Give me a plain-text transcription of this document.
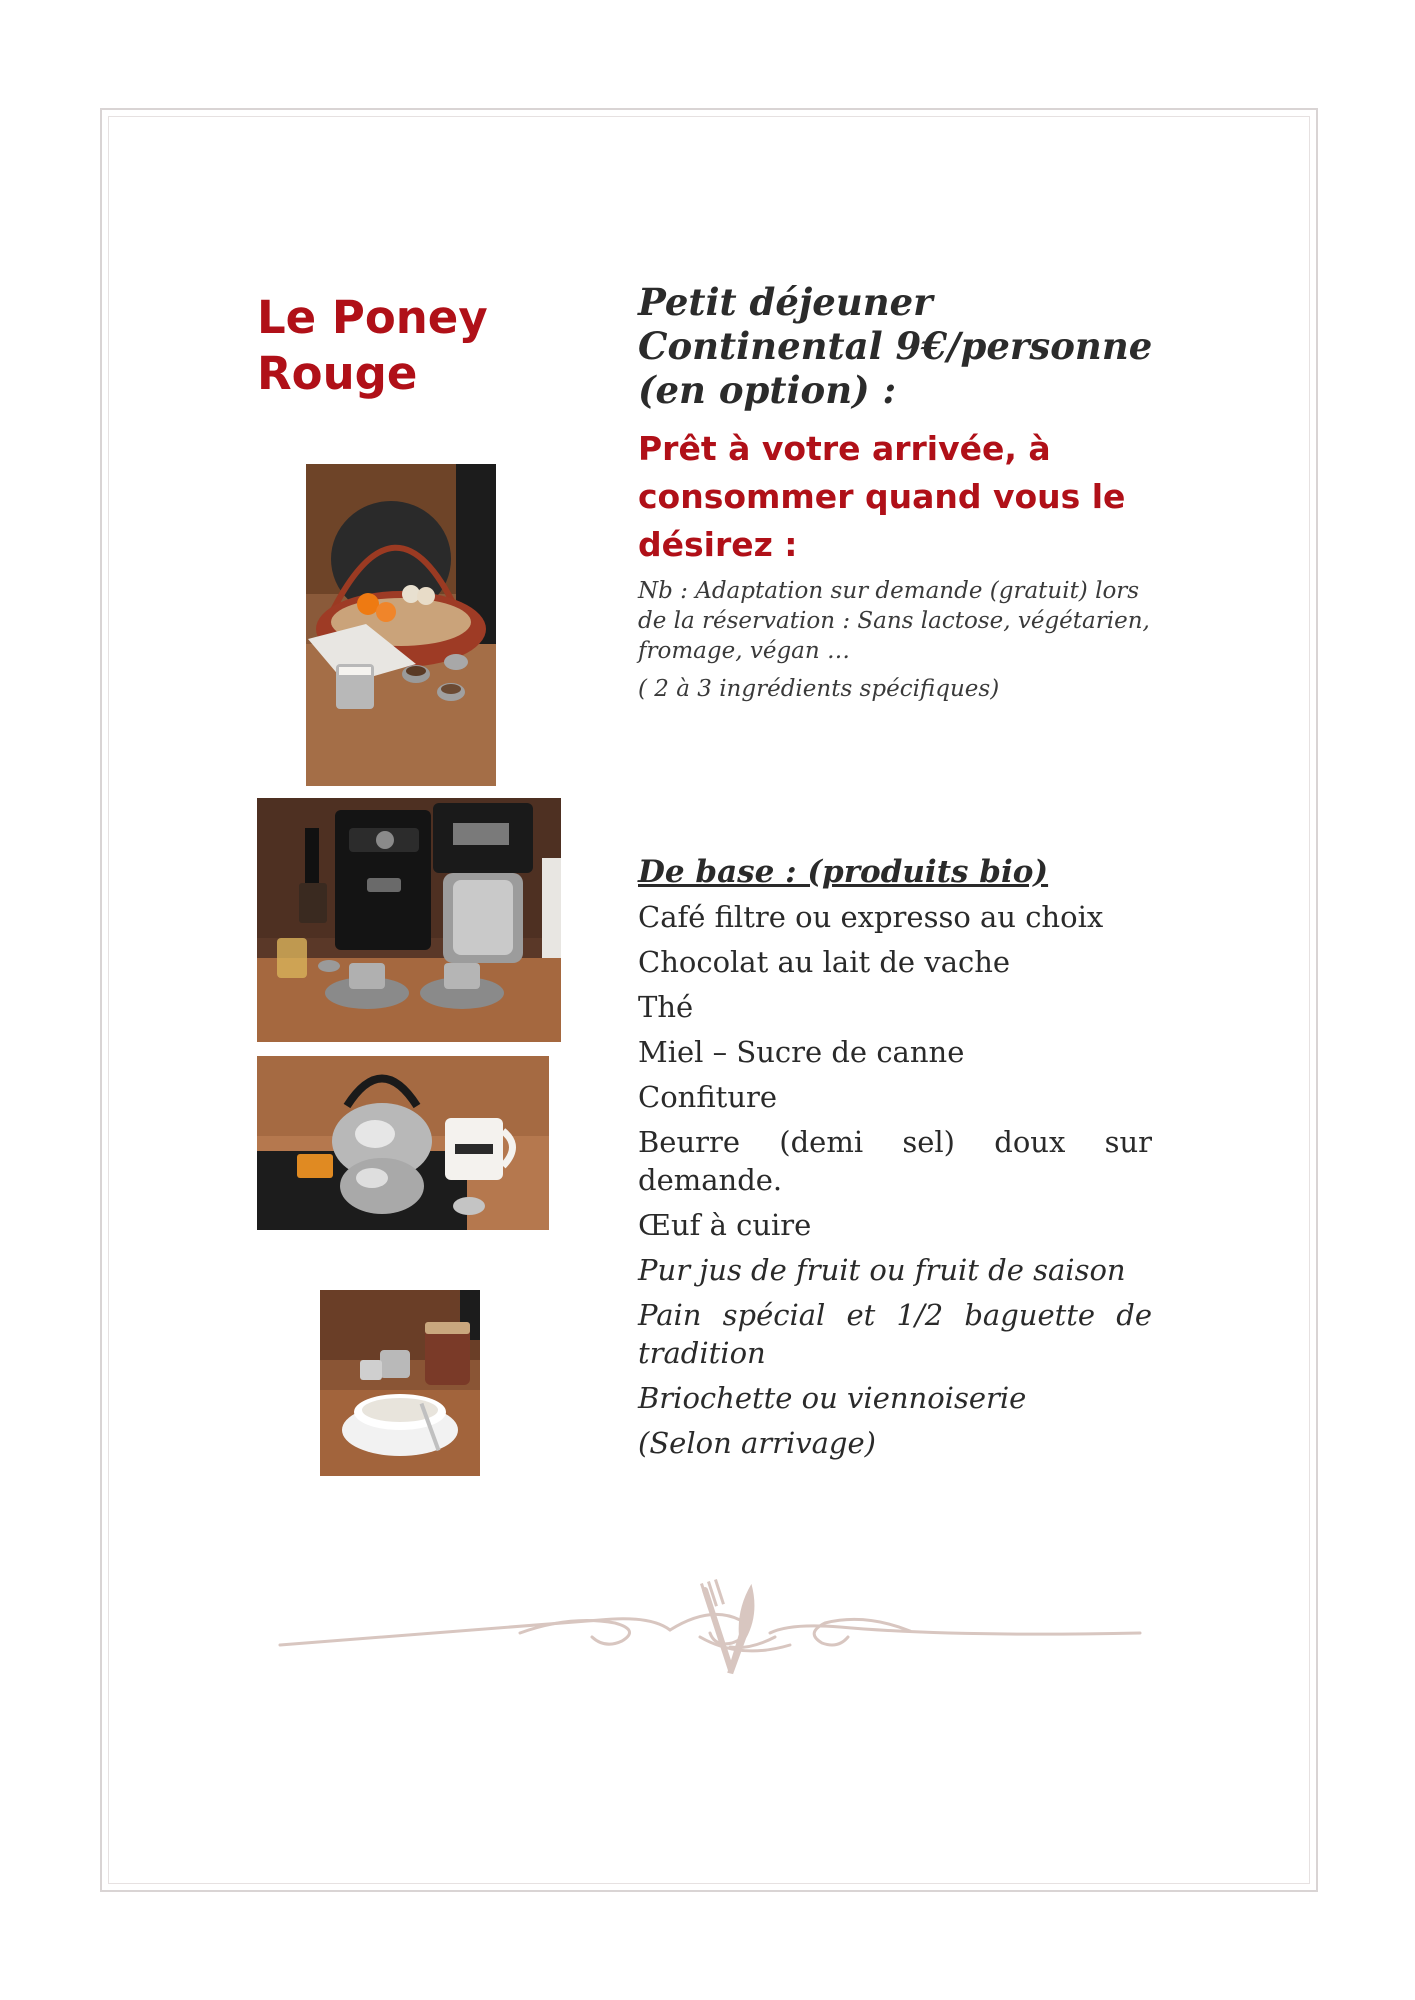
Le Poney Rouge
Petit déjeuner Continental 9€/personne (en option) :
Prêt à votre arrivée, à consommer quand vous le désirez :

Nb : Adaptation sur demande (gratuit) lors de la réservation : Sans lactose, végétarien, fromage, végan …

( 2 à 3 ingrédients spécifiques)

De base : (produits bio)
Café filtre ou expresso au choix
Chocolat au lait de vache
Thé
Miel – Sucre de canne
Confiture
Beurre (demi sel) doux sur demande.
Œuf à cuire
Pur jus de fruit ou fruit de saison
Pain spécial et 1/2 baguette de tradition
Briochette ou viennoiserie
(Selon arrivage)
